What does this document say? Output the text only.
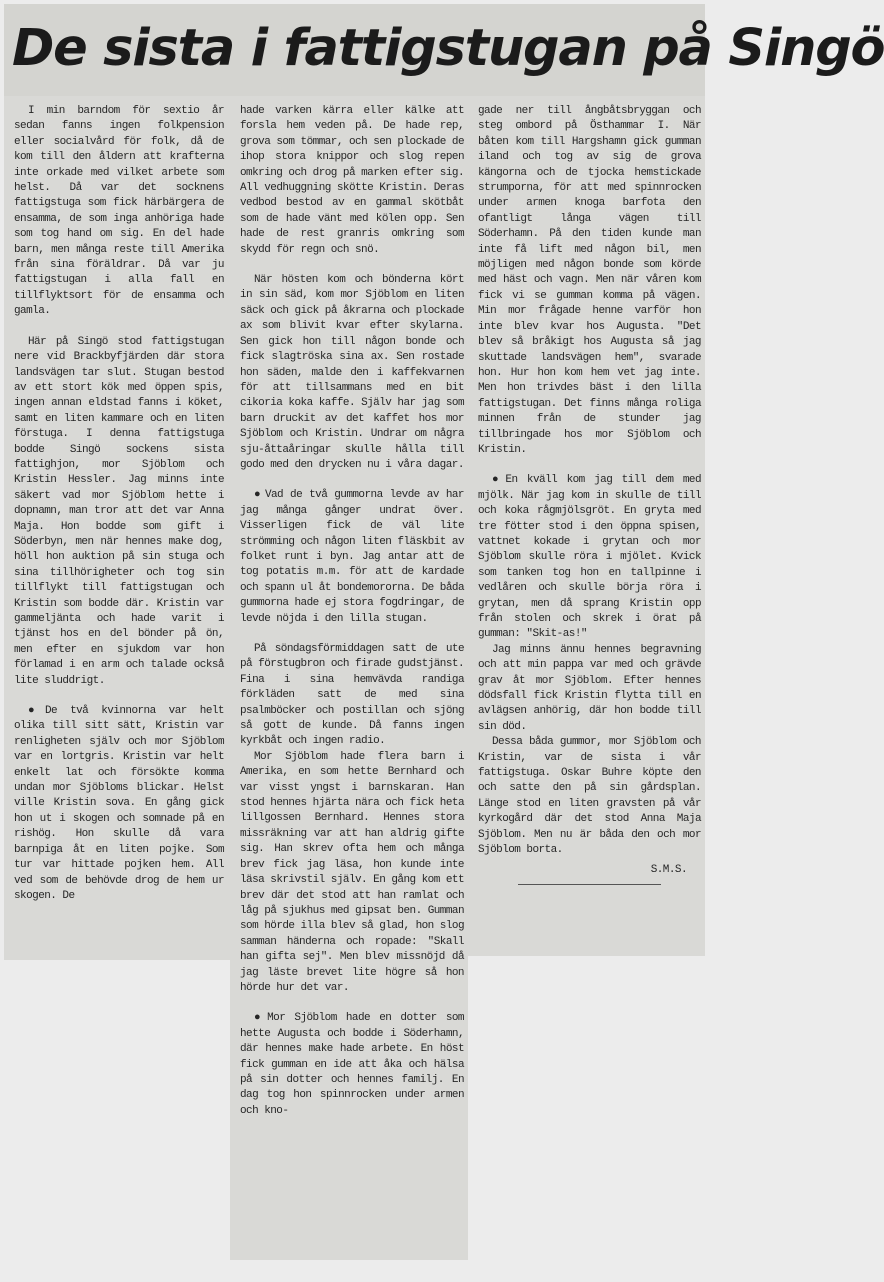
De sista i fattigstugan på Singö

I min barndom för sextio år sedan fanns ingen folkpension eller socialvård för folk, då de kom till den åldern att krafterna inte orkade med vilket arbete som helst. Då var det socknens fattigstuga som fick härbärgera de ensamma, de som inga anhöriga hade som tog hand om sig. En del hade barn, men många reste till Amerika från sina föräldrar. Då var ju fattigstugan i alla fall en tillflyktsort för de ensamma och gamla.

Här på Singö stod fattigstugan nere vid Brackbyfjärden där stora landsvägen tar slut. Stugan bestod av ett stort kök med öppen spis, ingen annan eldstad fanns i köket, samt en liten kammare och en liten förstuga. I denna fattigstuga bodde Singö sockens sista fattighjon, mor Sjöblom och Kristin Hessler. Jag minns inte säkert vad mor Sjöblom hette i dopnamn, man tror att det var Anna Maja. Hon bodde som gift i Söderbyn, men när hennes make dog, höll hon auktion på sin stuga och sina tillhörigheter och tog sin tillflykt till fattigstugan och Kristin som bodde där. Kristin var gammeljänta och hade varit i tjänst hos en del bönder på ön, men efter en sjukdom var hon förlamad i en arm och talade också lite sluddrigt.

● De två kvinnorna var helt olika till sitt sätt, Kristin var renligheten själv och mor Sjöblom var en lortgris. Kristin var helt enkelt lat och försökte komma undan mor Sjöbloms blickar. Helst ville Kristin sova. En gång gick hon ut i skogen och somnade på en rishög. Hon skulle då vara barnpiga åt en liten pojke. Som tur var hittade pojken hem. All ved som de behövde drog de hem ur skogen. De

hade varken kärra eller kälke att forsla hem veden på. De hade rep, grova som tömmar, och sen plockade de ihop stora knippor och slog repen omkring och drog på marken efter sig. All vedhuggning skötte Kristin. Deras vedbod bestod av en gammal skötbåt som de hade vänt med kölen opp. Sen hade de rest granris omkring som skydd för regn och snö.

När hösten kom och bönderna kört in sin säd, kom mor Sjöblom en liten säck och gick på åkrarna och plockade ax som blivit kvar efter skylarna. Sen gick hon till någon bonde och fick slagtröska sina ax. Sen rostade hon säden, malde den i kaffekvarnen för att tillsammans med en bit cikoria koka kaffe. Själv har jag som barn druckit av det kaffet hos mor Sjöblom och Kristin. Undrar om några sju-åttaåringar skulle hålla till godo med den drycken nu i våra dagar.

● Vad de två gummorna levde av har jag många gånger undrat över. Visserligen fick de väl lite strömming och någon liten fläskbit av folket runt i byn. Jag antar att de tog potatis m.m. för att de kardade och spann ul åt bondemororna. De båda gummorna hade ej stora fogdringar, de levde nöjda i den lilla stugan.

På söndagsförmiddagen satt de ute på förstugbron och firade gudstjänst. Fina i sina hemvävda randiga förkläden satt de med sina psalmböcker och postillan och sjöng så gott de kunde. Då fanns ingen kyrkbåt och ingen radio.

Mor Sjöblom hade flera barn i Amerika, en som hette Bernhard och var visst yngst i barnskaran. Han stod hennes hjärta nära och fick heta lillgossen Bernhard. Hennes stora missräkning var att han aldrig gifte sig. Han skrev ofta hem och många brev fick jag läsa, hon kunde inte läsa skrivstil själv. En gång kom ett brev där det stod att han ramlat och låg på sjukhus med gipsat ben. Gumman som hörde illa blev så glad, hon slog samman händerna och ropade: "Skall han gifta sej". Men blev missnöjd då jag läste brevet lite högre så hon hörde hur det var.

● Mor Sjöblom hade en dotter som hette Augusta och bodde i Söderhamn, där hennes make hade arbete. En höst fick gumman en ide att åka och hälsa på sin dotter och hennes familj. En dag tog hon spinnrocken under armen och kno-

gade ner till ångbåtsbryggan och steg ombord på Östhammar I. När båten kom till Hargshamn gick gumman iland och tog av sig de grova kängorna och de tjocka hemstickade strumporna, för att med spinnrocken under armen knoga barfota den ofantligt långa vägen till Söderhamn. På den tiden kunde man inte få lift med någon bil, men möjligen med någon bonde som körde med häst och vagn. Men när våren kom fick vi se gumman komma på vägen. Min mor frågade henne varför hon inte blev kvar hos Augusta. "Det blev så bråkigt hos Augusta så jag skuttade landsvägen hem", svarade hon. Hur hon kom hem vet jag inte. Men hon trivdes bäst i den lilla fattigstugan. Det finns många roliga minnen från de stunder jag tillbringade hos mor Sjöblom och Kristin.

● En kväll kom jag till dem med mjölk. När jag kom in skulle de till och koka rågmjölsgröt. En gryta med tre fötter stod i den öppna spisen, vattnet kokade i grytan och mor Sjöblom skulle röra i mjölet. Kvick som tanken tog hon en tallpinne i vedlåren och skulle börja röra i grytan, men då sprang Kristin opp från stolen och skrek i örat på gumman: "Skit-as!"

Jag minns ännu hennes begravning och att min pappa var med och grävde grav åt mor Sjöblom. Efter hennes dödsfall fick Kristin flytta till en avlägsen anhörig, där hon bodde till sin död.

Dessa båda gummor, mor Sjöblom och Kristin, var de sista i vår fattigstuga. Oskar Buhre köpte den och satte den på sin gårdsplan. Länge stod en liten gravsten på vår kyrkogård där det stod Anna Maja Sjöblom. Men nu är båda den och mor Sjöblom borta.

S.M.S.
